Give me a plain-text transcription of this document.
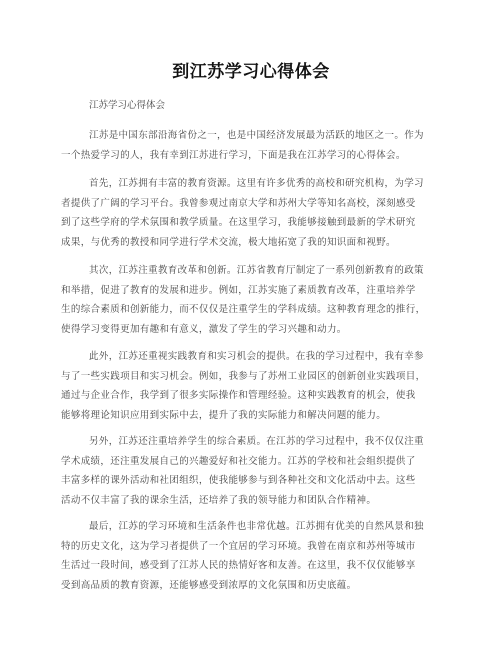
到江苏学习心得体会
江苏学习心得体会
江苏是中国东部沿海省份之一，也是中国经济发展最为活跃的地区之一。作为
一个热爱学习的人，我有幸到江苏进行学习，下面是我在江苏学习的心得体会。
首先，江苏拥有丰富的教育资源。这里有许多优秀的高校和研究机构，为学习
者提供了广阔的学习平台。我曾参观过南京大学和苏州大学等知名高校，深刻感受
到了这些学府的学术氛围和教学质量。在这里学习，我能够接触到最新的学术研究
成果，与优秀的教授和同学进行学术交流，极大地拓宽了我的知识面和视野。
其次，江苏注重教育改革和创新。江苏省教育厅制定了一系列创新教育的政策
和举措，促进了教育的发展和进步。例如，江苏实施了素质教育改革，注重培养学
生的综合素质和创新能力，而不仅仅是注重学生的学科成绩。这种教育理念的推行，
使得学习变得更加有趣和有意义，激发了学生的学习兴趣和动力。
此外，江苏还重视实践教育和实习机会的提供。在我的学习过程中，我有幸参
与了一些实践项目和实习机会。例如，我参与了苏州工业园区的创新创业实践项目，
通过与企业合作，我学到了很多实际操作和管理经验。这种实践教育的机会，使我
能够将理论知识应用到实际中去，提升了我的实际能力和解决问题的能力。
另外，江苏还注重培养学生的综合素质。在江苏的学习过程中，我不仅仅注重
学术成绩，还注重发展自己的兴趣爱好和社交能力。江苏的学校和社会组织提供了
丰富多样的课外活动和社团组织，使我能够参与到各种社交和文化活动中去。这些
活动不仅丰富了我的课余生活，还培养了我的领导能力和团队合作精神。
最后，江苏的学习环境和生活条件也非常优越。江苏拥有优美的自然风景和独
特的历史文化，这为学习者提供了一个宜居的学习环境。我曾在南京和苏州等城市
生活过一段时间，感受到了江苏人民的热情好客和友善。在这里，我不仅仅能够享
受到高品质的教育资源，还能够感受到浓厚的文化氛围和历史底蕴。
